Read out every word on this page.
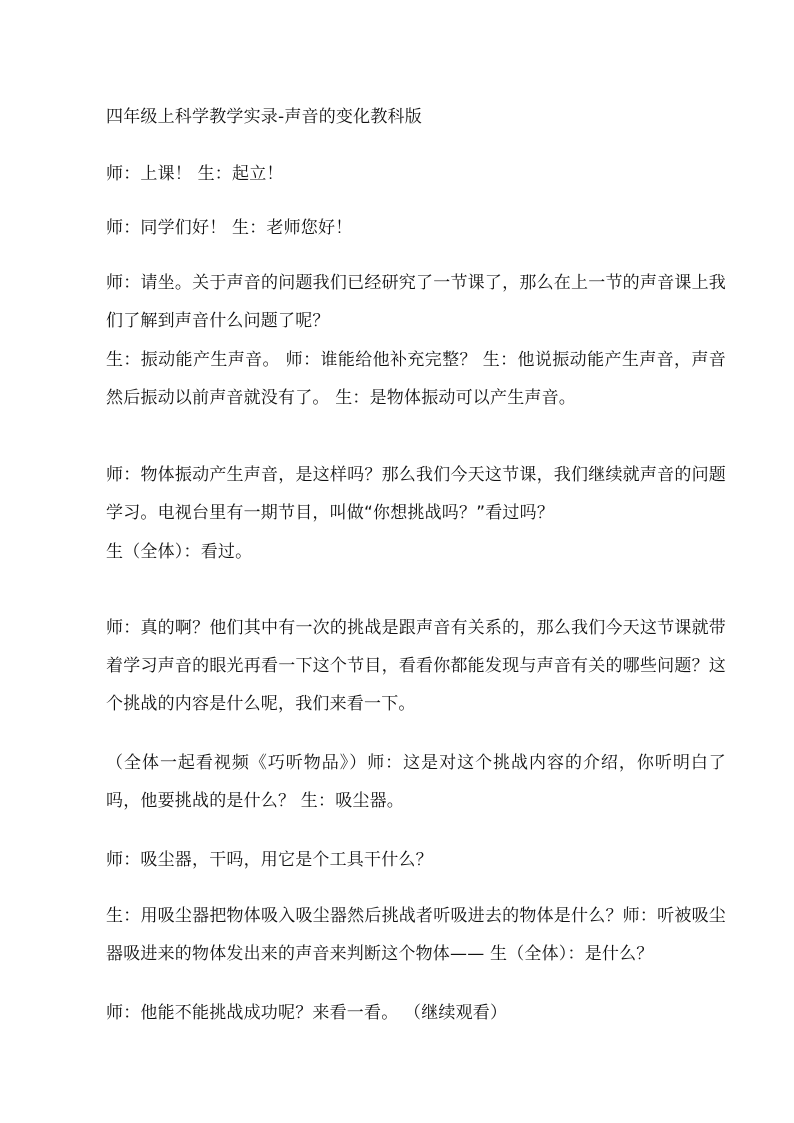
四年级上科学教学实录-声音的变化教科版
师：上课！ 生：起立！
师：同学们好！ 生：老师您好！
师：请坐。关于声音的问题我们已经研究了一节课了，那么在上一节的声音课上我们了解到声音什么问题了呢？
生：振动能产生声音。 师：谁能给他补充完整？ 生：他说振动能产生声音，声音然后振动以前声音就没有了。 生：是物体振动可以产生声音。
师：物体振动产生声音，是这样吗？那么我们今天这节课，我们继续就声音的问题学习。电视台里有一期节目，叫做“你想挑战吗？”看过吗？
生（全体）：看过。
师：真的啊？他们其中有一次的挑战是跟声音有关系的，那么我们今天这节课就带着学习声音的眼光再看一下这个节目，看看你都能发现与声音有关的哪些问题？这个挑战的内容是什么呢，我们来看一下。
（全体一起看视频《巧听物品》）师：这是对这个挑战内容的介绍，你听明白了吗，他要挑战的是什么？ 生：吸尘器。
师：吸尘器，干吗，用它是个工具干什么？
生：用吸尘器把物体吸入吸尘器然后挑战者听吸进去的物体是什么？师：听被吸尘器吸进来的物体发出来的声音来判断这个物体—— 生（全体）：是什么？
师：他能不能挑战成功呢？来看一看。 （继续观看）
